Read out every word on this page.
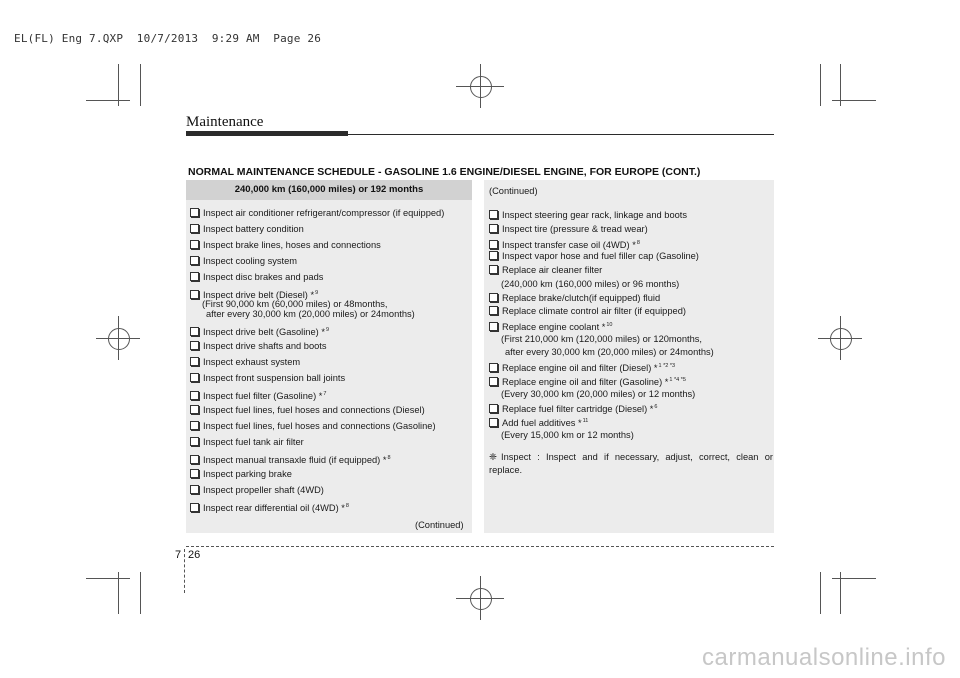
EL(FL) Eng 7.QXP  10/7/2013  9:29 AM  Page 26
Maintenance
NORMAL MAINTENANCE SCHEDULE - GASOLINE 1.6 ENGINE/DIESEL ENGINE, FOR EUROPE (CONT.)
240,000 km (160,000 miles) or 192 months
Inspect air conditioner refrigerant/compressor (if equipped)
Inspect battery condition
Inspect brake lines, hoses and connections
Inspect cooling system
Inspect disc brakes and pads
Inspect drive belt (Diesel) *$^9$
(First 90,000 km (60,000 miles) or 48months,
after every 30,000 km (20,000 miles) or 24months)
Inspect drive belt (Gasoline) *$^9$
Inspect drive shafts and boots
Inspect exhaust system
Inspect front suspension ball joints
Inspect fuel filter (Gasoline) *$^7$
Inspect fuel lines, fuel hoses and connections (Diesel)
Inspect fuel lines, fuel hoses and connections (Gasoline)
Inspect fuel tank air filter
Inspect manual transaxle fluid (if equipped) *$^8$
Inspect parking brake
Inspect propeller shaft (4WD)
Inspect rear differential oil (4WD) *$^8$
(Continued)
(Continued)
Inspect steering gear rack, linkage and boots
Inspect tire (pressure & tread wear)
Inspect transfer case oil (4WD) *$^8$
Inspect vapor hose and fuel filler cap (Gasoline)
Replace air cleaner filter
(240,000 km (160,000 miles) or 96 months)
Replace brake/clutch(if equipped) fluid
Replace climate control air filter (if equipped)
Replace engine coolant *$^{10}$
(First 210,000 km (120,000 miles) or 120months,
after every 30,000 km (20,000 miles) or 24months)
Replace engine oil and filter (Diesel) *$^{1 *2 *3}$
Replace engine oil and filter (Gasoline) *$^{1 *4 *5}$
(Every 30,000 km (20,000 miles) or 12 months)
Replace fuel filter cartridge (Diesel) *$^6$
Add fuel additives *$^{11}$
(Every 15,000 km or 12 months)
❈ Inspect : Inspect and if necessary, adjust, correct, clean or replace.
7 26
carmanualsonline.info
